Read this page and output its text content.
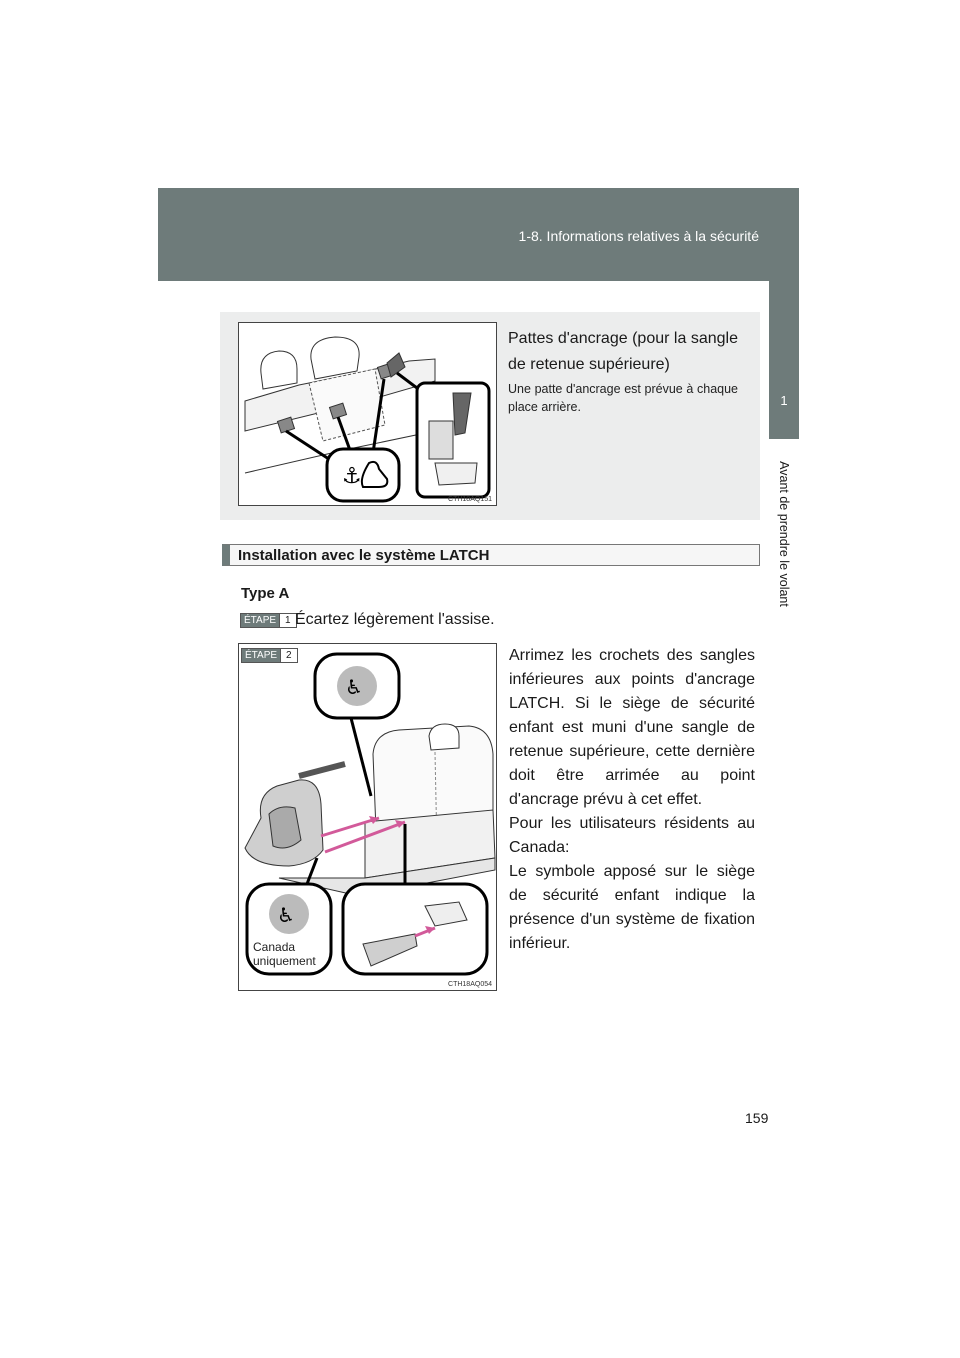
1-8. Informations relatives à la sécurité
1
Avant de prendre le volant
⚓
CTH18AQ151
Pattes d'ancrage (pour la sangle de retenue supérieure)
Une patte d'ancrage est prévue à chaque place arrière.
Installation avec le système LATCH
Type A
ÉTAPE 1 Écartez légèrement l'assise.
♿
♿
ÉTAPE 2
Canada
uniquement
CTH18AQ054

Arrimez les crochets des sangles inférieures aux points d'ancrage LATCH. Si le siège de sécurité enfant est muni d'une sangle de retenue supérieure, cette dernière doit être arrimée au point d'ancrage prévu à cet effet.

Pour les utilisateurs résidents au Canada:

Le symbole apposé sur le siège de sécurité enfant indique la présence d'un système de fixation inférieur.

159
